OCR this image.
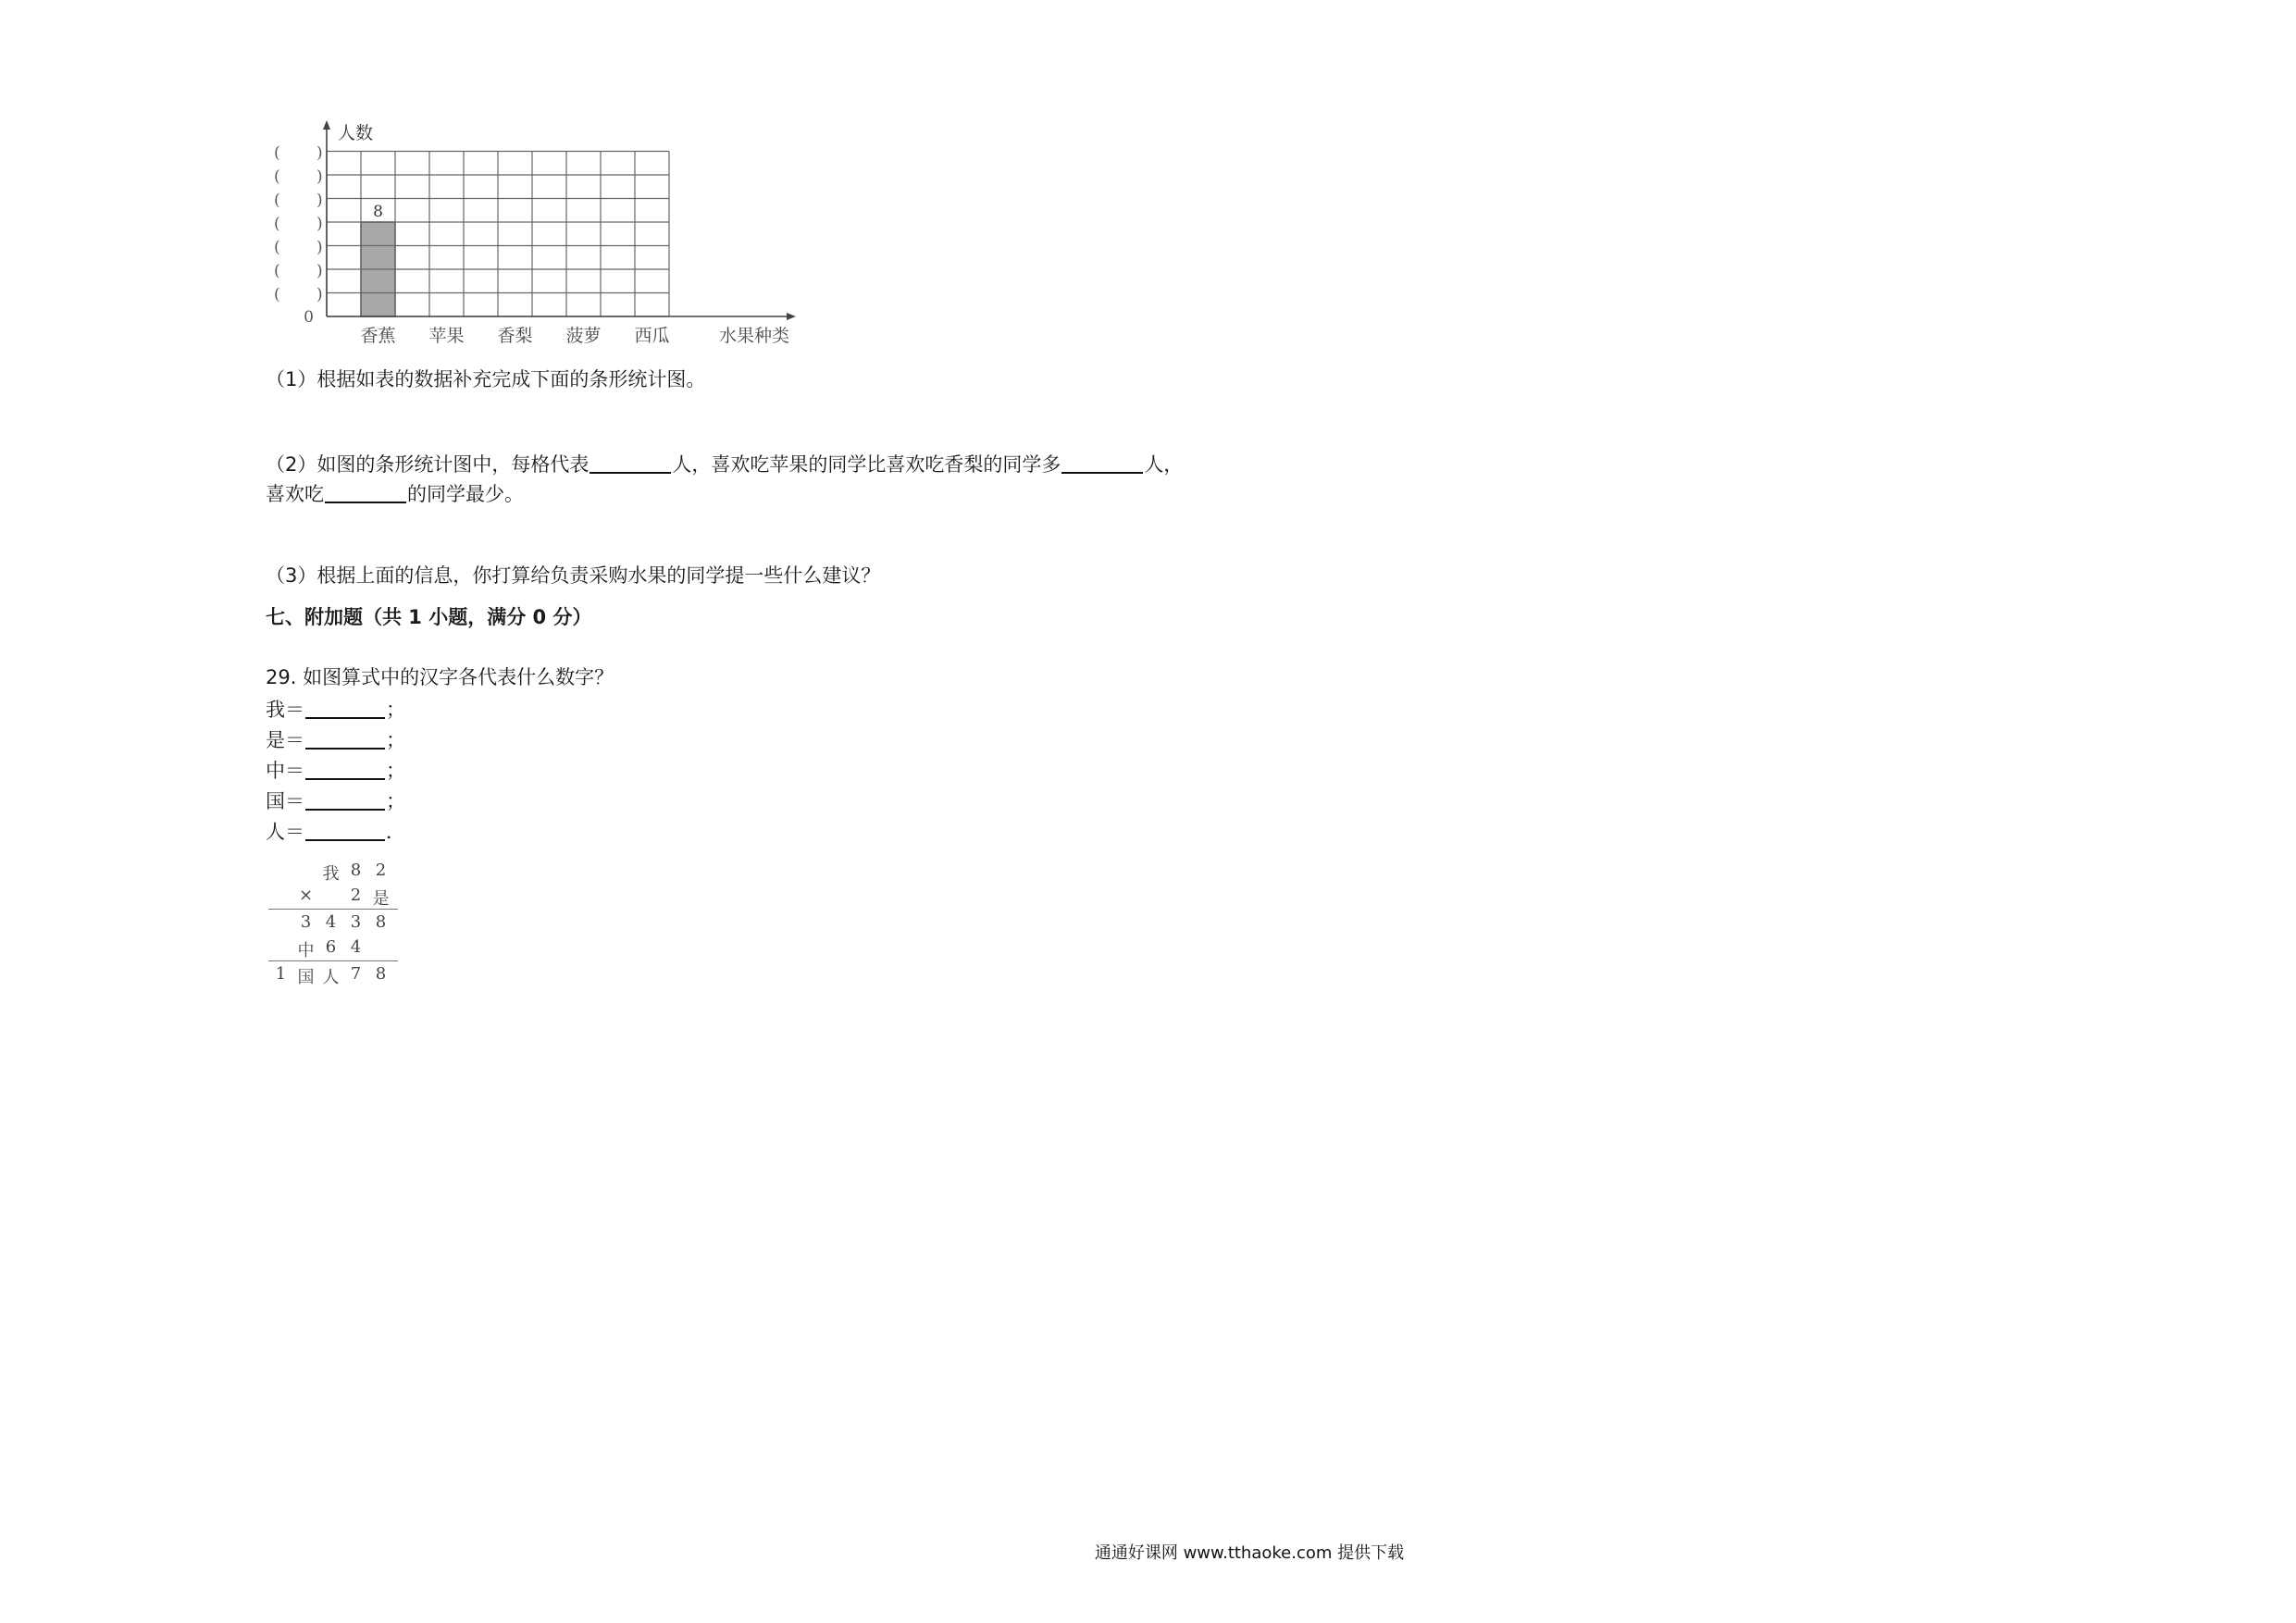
8
人数
( )
( )
( )
( )
( )
( )
( )
0
香蕉 苹果 香梨 菠萝 西瓜	水果种类
（1）根据如表的数据补充完成下面的条形统计图。
（2）如图的条形统计图中，每格代表	人，喜欢吃苹果的同学比喜欢吃香梨的同学多	人，
喜欢吃	的同学最少。
（3）根据上面的信息，你打算给负责采购水果的同学提一些什么建议？
七、附加题（共 1 小题，满分 0 分）
29. 如图算式中的汉字各代表什么数字？
我＝	；
是＝	；
中＝	；
国＝	；
人＝	．
我 8 2
×	2 是
3 4 3 8
中 6 4
1 国 人 7 8
通通好课网 www.tthaoke.com 提供下载
